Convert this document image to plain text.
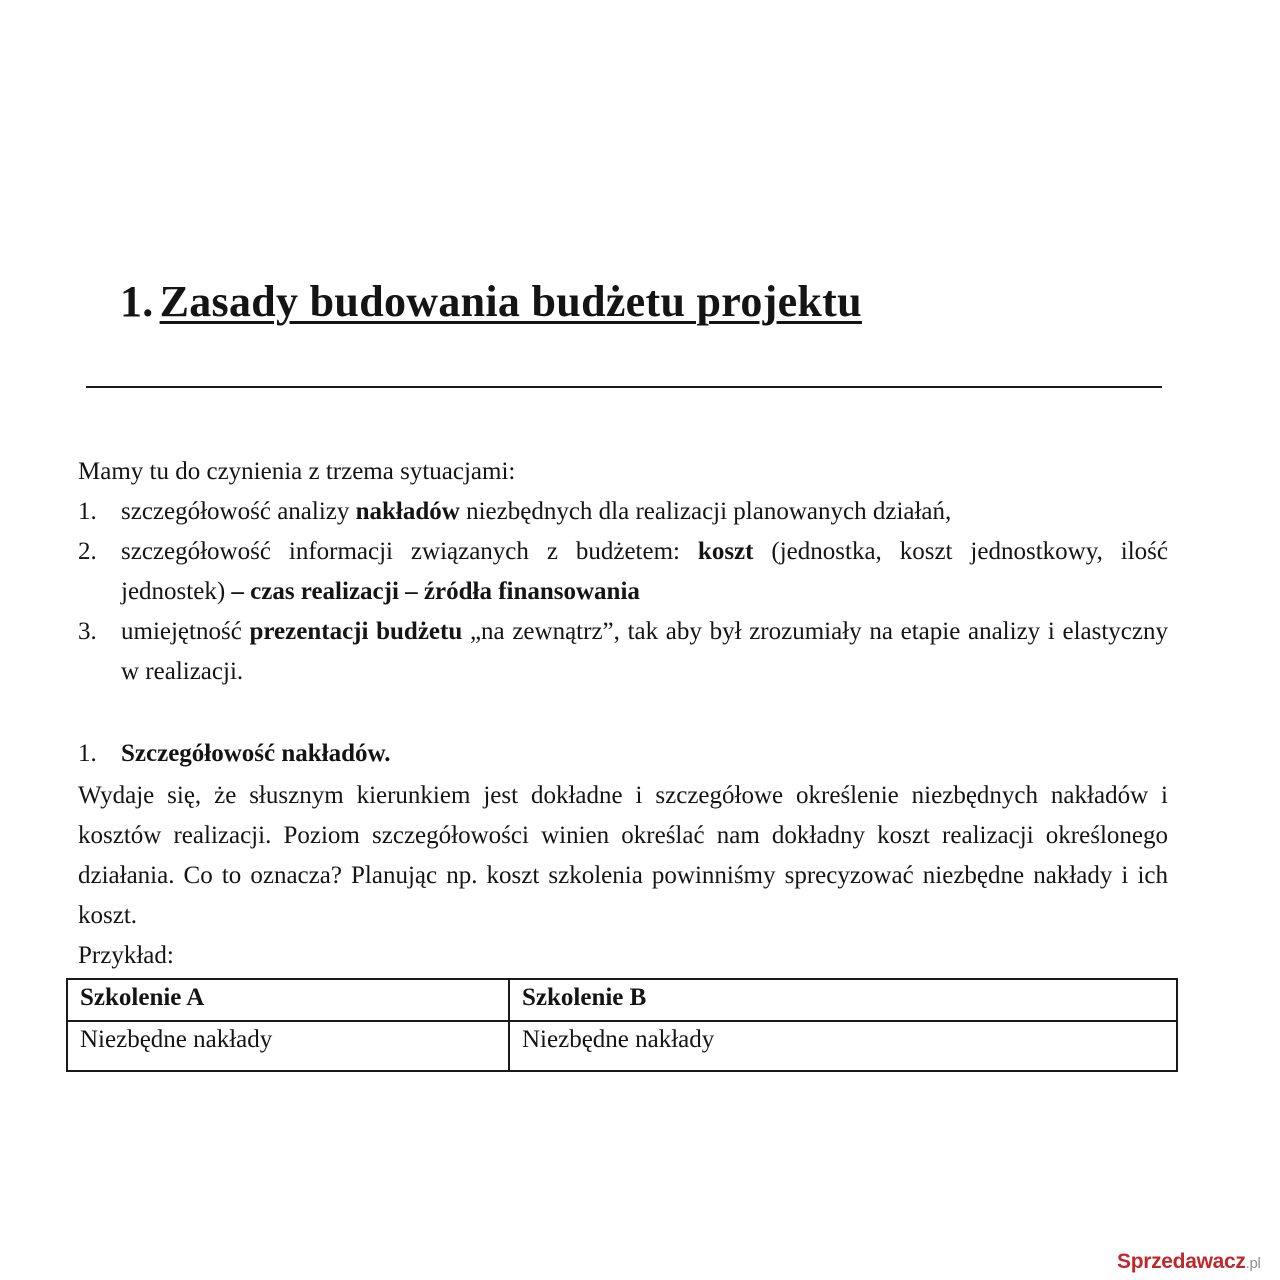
1. Zasady budowania budżetu projektu
Mamy tu do czynienia z trzema sytuacjami:
1. szczegółowość analizy nakładów niezbędnych dla realizacji planowanych działań,
2. szczegółowość informacji związanych z budżetem: koszt (jednostka, koszt jednostkowy, ilość jednostek) – czas realizacji – źródła finansowania
3. umiejętność prezentacji budżetu „na zewnątrz”, tak aby był zrozumiały na etapie analizy i elastyczny w realizacji.
1. Szczegółowość nakładów.
Wydaje się, że słusznym kierunkiem jest dokładne i szczegółowe określenie niezbędnych nakładów i kosztów realizacji. Poziom szczegółowości winien określać nam dokładny koszt realizacji określonego działania. Co to oznacza? Planując np. koszt szkolenia powinniśmy sprecyzować niezbędne nakłady i ich koszt.
Przykład:
Szkolenie A	Szkolenie B
Niezbędne nakłady	Niezbędne nakłady
Sprzedawacz.pl
